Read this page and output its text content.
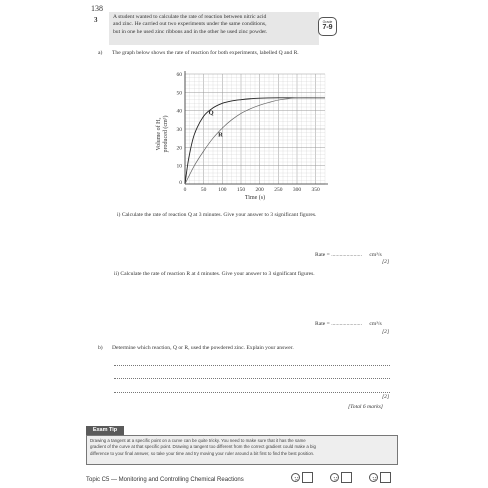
138
3	A student wanted to calculate the rate of reaction between nitric acid
and zinc. He carried out two experiments under the same conditions,
but in one he used zinc ribbons and in the other he used zinc powder.
Grade
7-9
a) The graph below shows the rate of reaction for both experiments, labelled Q and R.
0	50 100 150 200 250 300 350
10
20
30
40
50
60
0
Time (s)
Volume of H₂ produced (cm³)
Q
R
i) Calculate the rate of reaction Q at 3 minutes. Give your answer to 3 significant figures.
Rate = ...................... cm³/s
[2]
ii) Calculate the rate of reaction R at 4 minutes. Give your answer to 3 significant figures.
Rate = ...................... cm³/s
[2]
b) Determine which reaction, Q or R, used the powdered zinc. Explain your answer.
[2]
[Total 6 marks]
Exam Tip
Drawing a tangent at a specific point on a curve can be quite tricky. You need to make sure that it has the same
gradient of the curve at that specific point. Drawing a tangent too different from the correct gradient could make a big
difference to your final answer, so take your time and try moving your ruler around a bit first to find the best position.
Topic C5 — Monitoring and Controlling Chemical Reactions
